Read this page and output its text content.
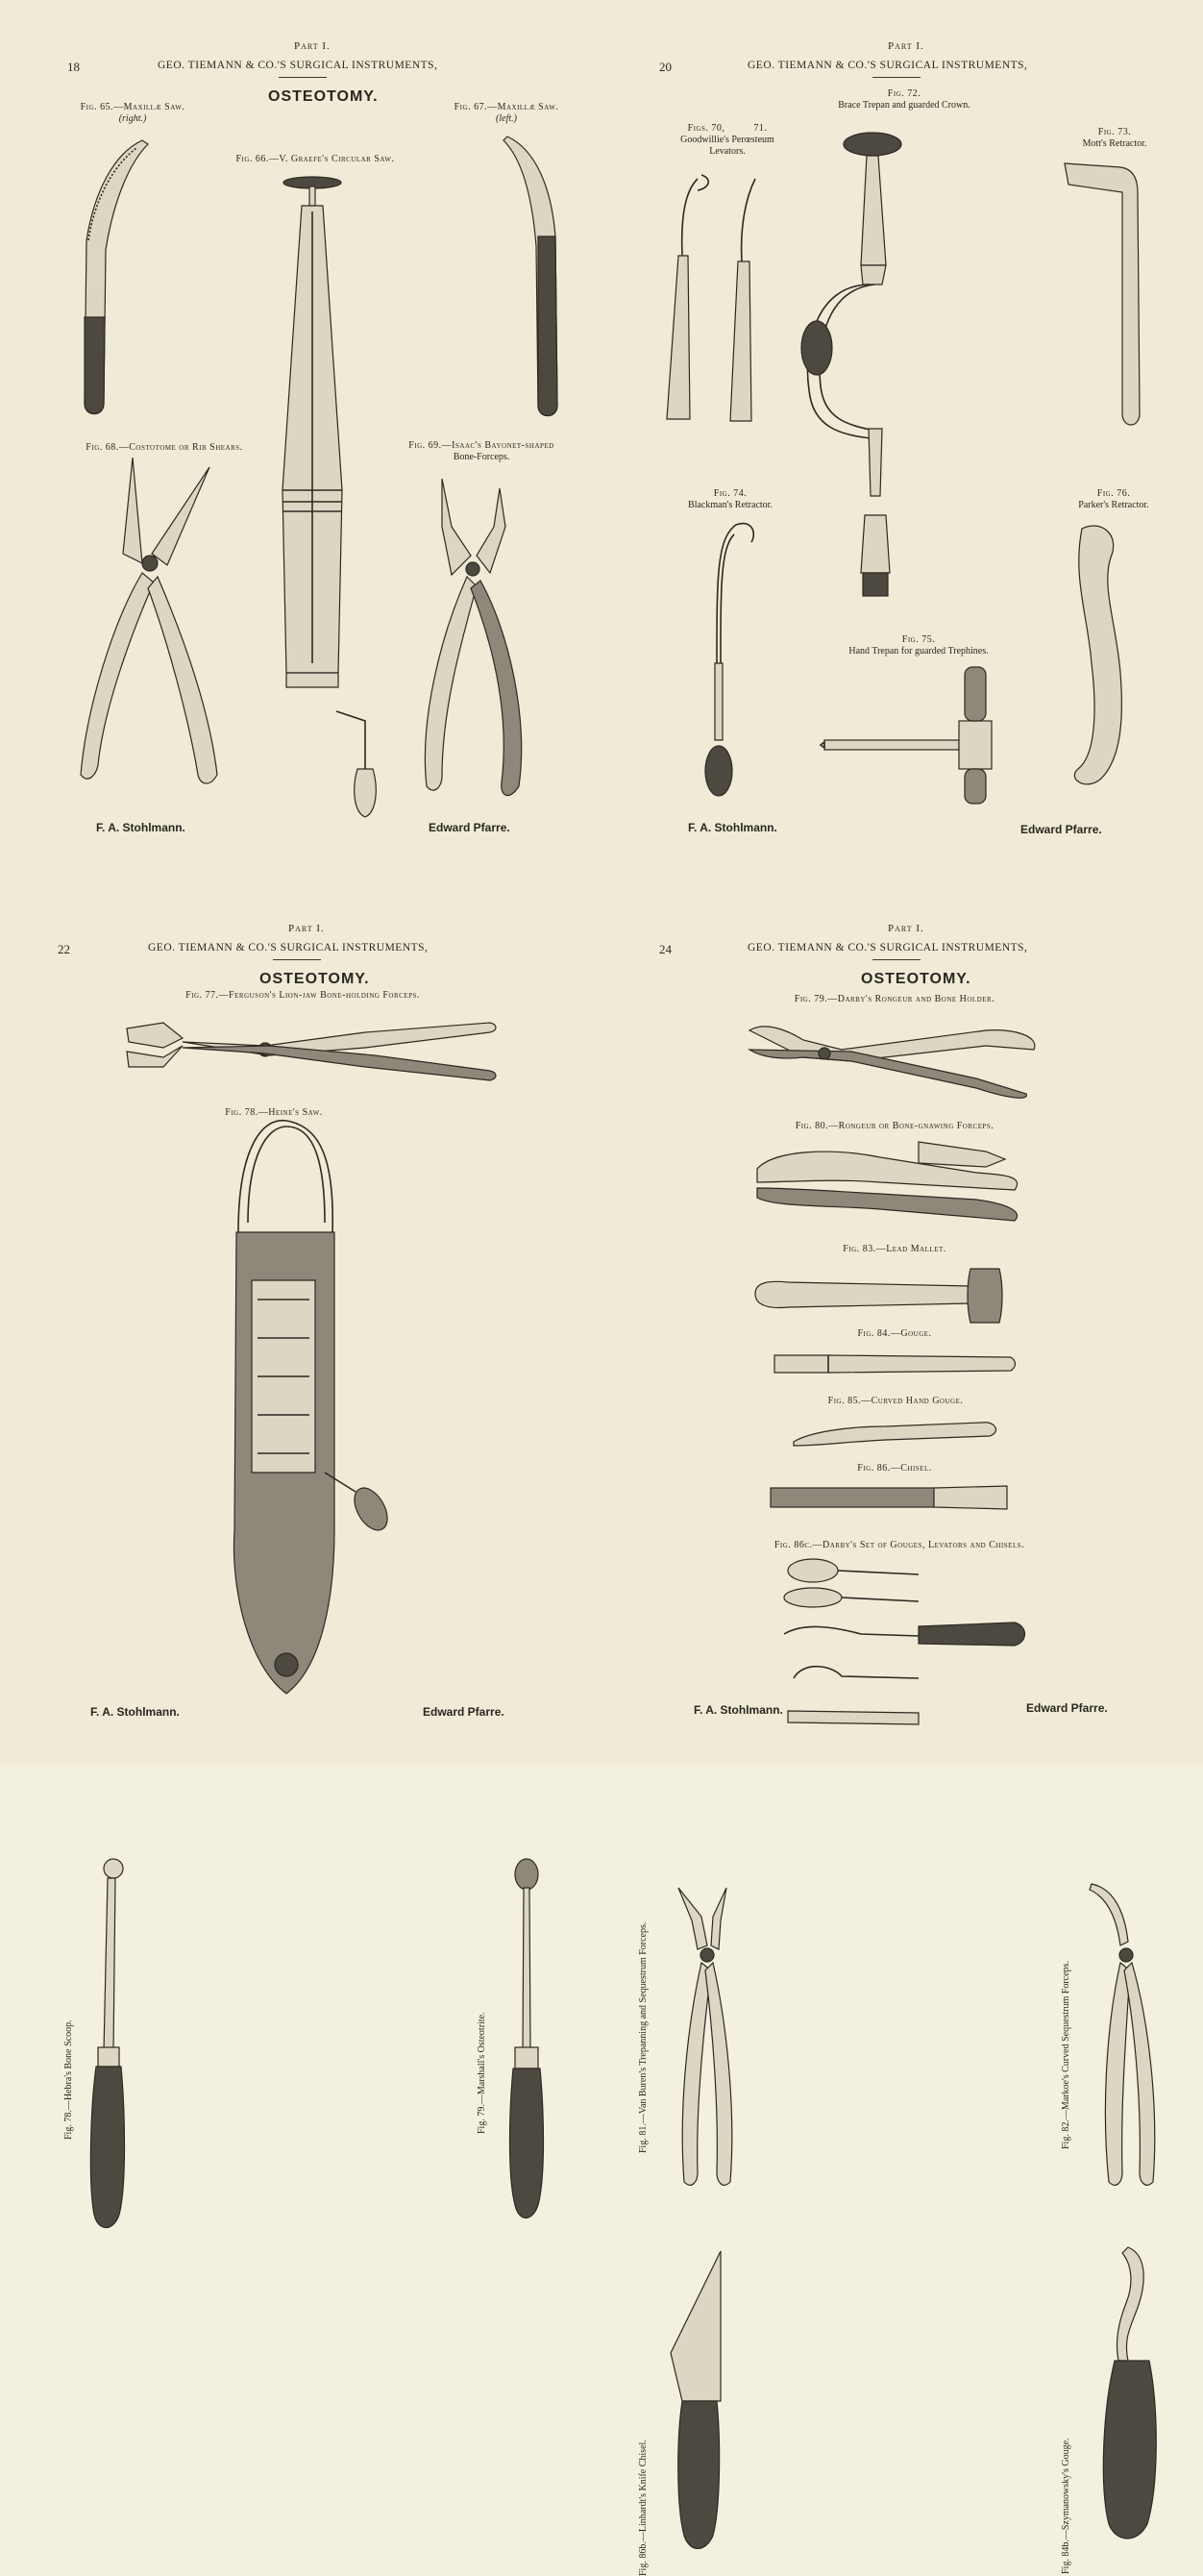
18
Part I.
GEO. TIEMANN & CO.'S SURGICAL INSTRUMENTS,
OSTEOTOMY.
Fig. 65.—Maxillæ Saw.
(right.)
Fig. 66.—V. Graefe's Circular Saw.
Fig. 67.—Maxillæ Saw.
(left.)
Fig. 68.—Costotome or Rib Shears.	Fig. 69.—Isaac's Bayonet-shaped
Bone-Forceps.
F. A. Stohlmann.	Edward Pfarre.
20
Part I.
GEO. TIEMANN & CO.'S SURGICAL INSTRUMENTS,
Fig. 72.
Brace Trepan and guarded Crown.
Figs. 70,          71.
Goodwillie's Perœsteum
Levators.
Fig. 73.
Mott's Retractor.
Fig. 74.
Blackman's Retractor.
Fig. 76.
Parker's Retractor.
Fig. 75.
Hand Trepan for guarded Trephines.
F. A. Stohlmann.	Edward Pfarre.
22
Part I.
GEO. TIEMANN & CO.'S SURGICAL INSTRUMENTS,
OSTEOTOMY.
Fig. 77.—Ferguson's Lion-jaw Bone-holding Forceps.
Fig. 78.—Heine's Saw.
Fig. 78.—Hebra's Bone Scoop.	Fig. 79.—Marshall's Osteotrite.
F. A. Stohlmann.	Edward Pfarre.
24
Part I.
GEO. TIEMANN & CO.'S SURGICAL INSTRUMENTS,
OSTEOTOMY.
Fig. 79.—Darby's Rongeur and Bone Holder.
Fig. 80.—Rongeur or Bone-gnawing Forceps.
Fig. 83.—Lead Mallet.
Fig. 84.—Gouge.
Fig. 85.—Curved Hand Gouge.
Fig. 86.—Chisel.
Fig. 86c.—Darby's Set of Gouges, Levators and Chisels.
Fig. 81.—Van Buren's Trepanning and Sequestrum Forceps.	Fig. 82.—Markoe's Curved Sequestrum Forceps.
Fig. 86b.—Linhardt's Knife Chisel.	Fig. 84b.—Szymanowsky's Gouge.
F. A. Stohlmann.	Edward Pfarre.
